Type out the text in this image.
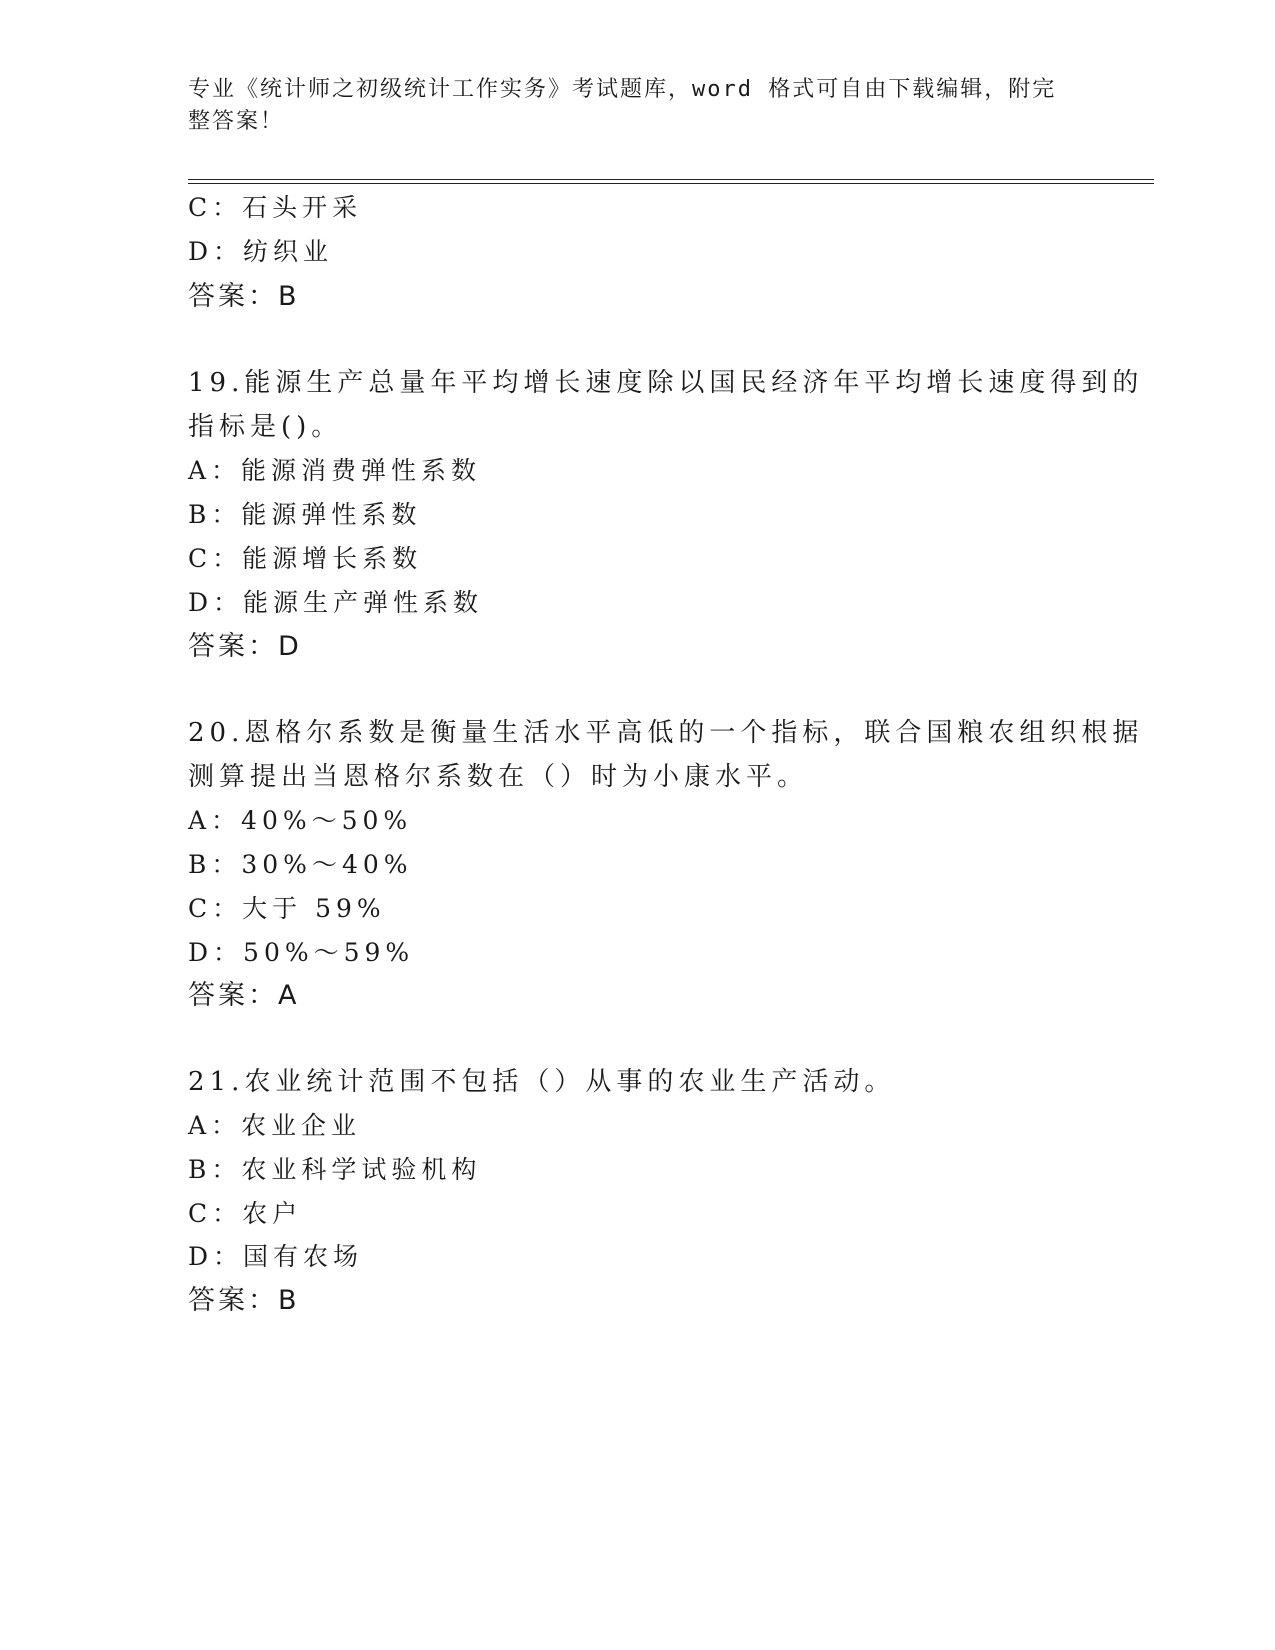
专业《统计师之初级统计工作实务》考试题库，word 格式可自由下载编辑，附完
整答案！
C：石头开采
D：纺织业
答案：B
19.能源生产总量年平均增长速度除以国民经济年平均增长速度得到的
指标是()。
A：能源消费弹性系数
B：能源弹性系数
C：能源增长系数
D：能源生产弹性系数
答案：D
20.恩格尔系数是衡量生活水平高低的一个指标，联合国粮农组织根据
测算提出当恩格尔系数在（）时为小康水平。
A：40%～50%
B：30%～40%
C：大于 59%
D：50%～59%
答案：A
21.农业统计范围不包括（）从事的农业生产活动。
A：农业企业
B：农业科学试验机构
C：农户
D：国有农场
答案：B
